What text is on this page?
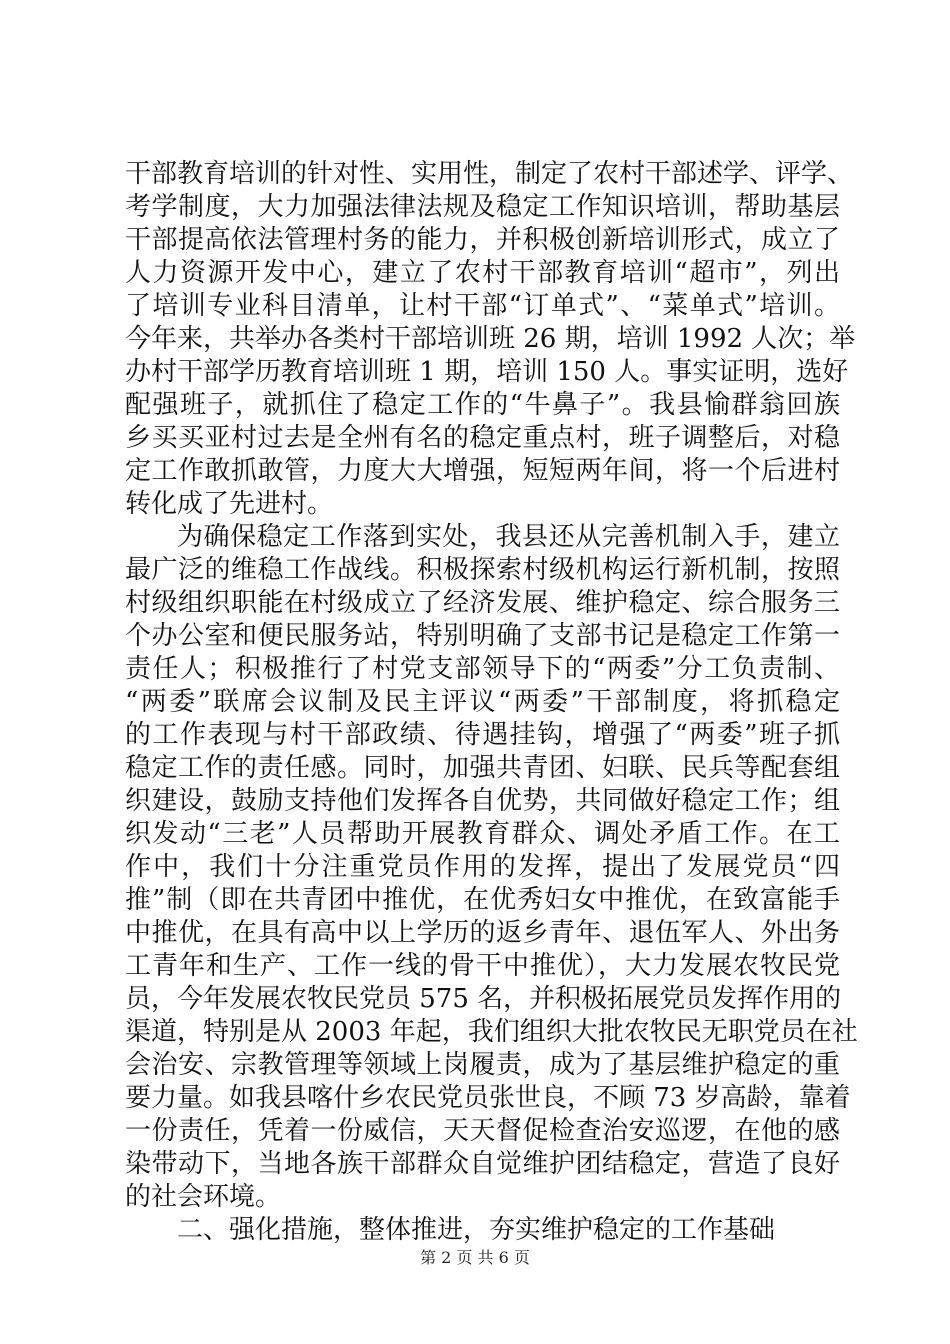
干部教育培训的针对性、实用性，制定了农村干部述学、评学、
考学制度，大力加强法律法规及稳定工作知识培训，帮助基层
干部提高依法管理村务的能力，并积极创新培训形式，成立了
人力资源开发中心，建立了农村干部教育培训“超市”，列出
了培训专业科目清单，让村干部“订单式”、“菜单式”培训。
今年来，共举办各类村干部培训班 26 期，培训 1992 人次；举
办村干部学历教育培训班 1 期，培训 150 人。事实证明，选好
配强班子，就抓住了稳定工作的“牛鼻子”。我县愉群翁回族
乡买买亚村过去是全州有名的稳定重点村，班子调整后，对稳
定工作敢抓敢管，力度大大增强，短短两年间，将一个后进村
转化成了先进村。
为确保稳定工作落到实处，我县还从完善机制入手，建立
最广泛的维稳工作战线。积极探索村级机构运行新机制，按照
村级组织职能在村级成立了经济发展、维护稳定、综合服务三
个办公室和便民服务站，特别明确了支部书记是稳定工作第一
责任人；积极推行了村党支部领导下的“两委”分工负责制、
“两委”联席会议制及民主评议“两委”干部制度，将抓稳定
的工作表现与村干部政绩、待遇挂钩，增强了“两委”班子抓
稳定工作的责任感。同时，加强共青团、妇联、民兵等配套组
织建设，鼓励支持他们发挥各自优势，共同做好稳定工作；组
织发动“三老”人员帮助开展教育群众、调处矛盾工作。在工
作中，我们十分注重党员作用的发挥，提出了发展党员“四
推”制（即在共青团中推优，在优秀妇女中推优，在致富能手
中推优，在具有高中以上学历的返乡青年、退伍军人、外出务
工青年和生产、工作一线的骨干中推优），大力发展农牧民党
员，今年发展农牧民党员 575 名，并积极拓展党员发挥作用的
渠道，特别是从 2003 年起，我们组织大批农牧民无职党员在社
会治安、宗教管理等领域上岗履责，成为了基层维护稳定的重
要力量。如我县喀什乡农民党员张世良，不顾 73 岁高龄，靠着
一份责任，凭着一份威信，天天督促检查治安巡逻，在他的感
染带动下，当地各族干部群众自觉维护团结稳定，营造了良好
的社会环境。
二、强化措施，整体推进，夯实维护稳定的工作基础
第 2 页 共 6 页
